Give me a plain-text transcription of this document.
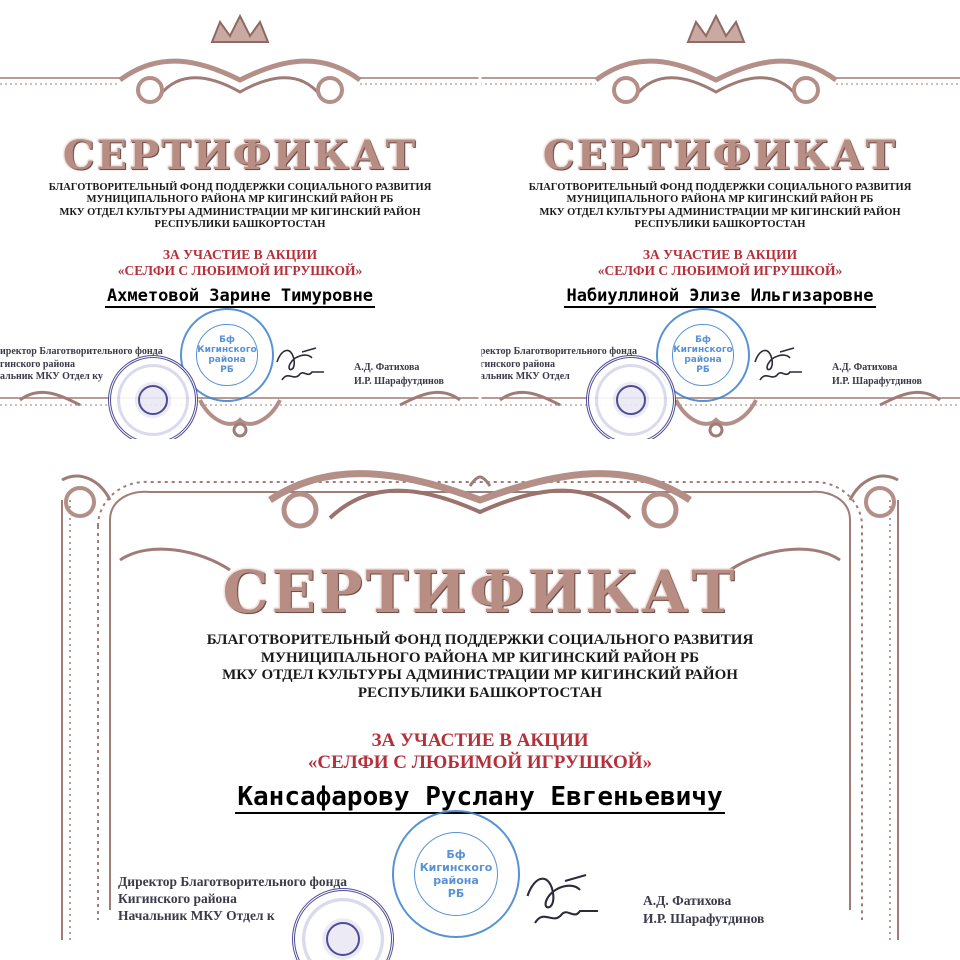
СЕРТИФИКАТ
БЛАГОТВОРИТЕЛЬНЫЙ ФОНД ПОДДЕРЖКИ СОЦИАЛЬНОГО РАЗВИТИЯ
МУНИЦИПАЛЬНОГО РАЙОНА МР КИГИНСКИЙ РАЙОН РБ
МКУ ОТДЕЛ КУЛЬТУРЫ АДМИНИСТРАЦИИ МР КИГИНСКИЙ РАЙОН
РЕСПУБЛИКИ БАШКОРТОСТАН
ЗА УЧАСТИЕ В АКЦИИ
«СЕЛФИ С ЛЮБИМОЙ ИГРУШКОЙ»
Ахметовой Зарине Тимуровне
Бф
Кигинского
района
РБ
иректор Благотворительного фонда
гинского района
альник МКУ Отдел ку
А.Д. Фатихова
И.Р. Шарафутдинов
СЕРТИФИКАТ
БЛАГОТВОРИТЕЛЬНЫЙ ФОНД ПОДДЕРЖКИ СОЦИАЛЬНОГО РАЗВИТИЯ
МУНИЦИПАЛЬНОГО РАЙОНА МР КИГИНСКИЙ РАЙОН РБ
МКУ ОТДЕЛ КУЛЬТУРЫ АДМИНИСТРАЦИИ МР КИГИНСКИЙ РАЙОН
РЕСПУБЛИКИ БАШКОРТОСТАН
ЗА УЧАСТИЕ В АКЦИИ
«СЕЛФИ С ЛЮБИМОЙ ИГРУШКОЙ»
Набиуллиной Элизе Ильгизаровне
Бф
Кигинского
района
РБ
ректор Благотворительного фонда
гинского района
альник МКУ Отдел
А.Д. Фатихова
И.Р. Шарафутдинов
СЕРТИФИКАТ
БЛАГОТВОРИТЕЛЬНЫЙ ФОНД ПОДДЕРЖКИ СОЦИАЛЬНОГО РАЗВИТИЯ
МУНИЦИПАЛЬНОГО РАЙОНА МР КИГИНСКИЙ РАЙОН РБ
МКУ ОТДЕЛ КУЛЬТУРЫ АДМИНИСТРАЦИИ МР КИГИНСКИЙ РАЙОН
РЕСПУБЛИКИ БАШКОРТОСТАН
ЗА УЧАСТИЕ В АКЦИИ
«СЕЛФИ С ЛЮБИМОЙ ИГРУШКОЙ»
Кансафарову Руслану Евгеньевичу
Бф
Кигинского
района
РБ
Директор Благотворительного фонда
Кигинского района
Начальник МКУ Отдел к
А.Д. Фатихова
И.Р. Шарафутдинов
